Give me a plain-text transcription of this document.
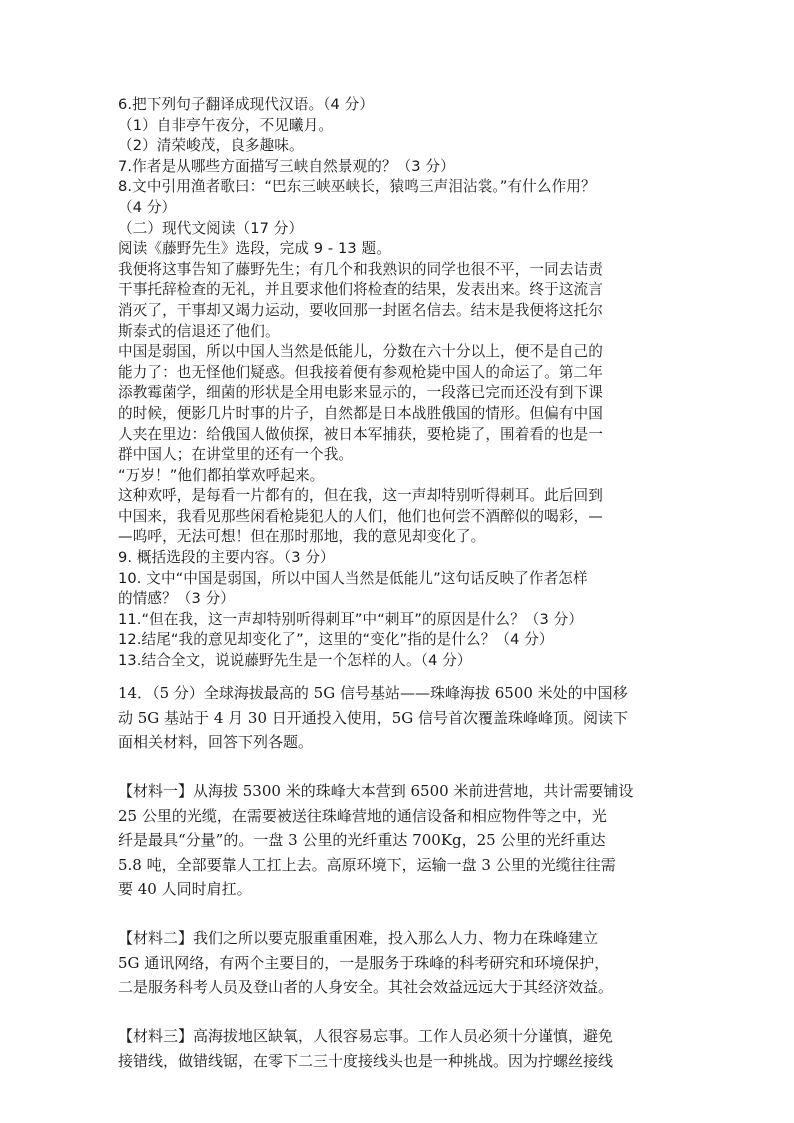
6.把下列句子翻译成现代汉语。（4 分）

（1）自非亭午夜分，不见曦月。

（2）清荣峻茂，良多趣味。

7.作者是从哪些方面描写三峡自然景观的？（3 分）

8.文中引用渔者歌曰：“巴东三峡巫峡长，猿鸣三声泪沾裳。”有什么作用？

（4 分）

（二）现代文阅读（17 分）

阅读《藤野先生》选段，完成 9 - 13 题。

我便将这事告知了藤野先生；有几个和我熟识的同学也很不平，一同去诘责

干事托辞检查的无礼，并且要求他们将检查的结果，发表出来。终于这流言

消灭了，干事却又竭力运动，要收回那一封匿名信去。结末是我便将这托尔

斯泰式的信退还了他们。

中国是弱国，所以中国人当然是低能儿，分数在六十分以上，便不是自己的

能力了：也无怪他们疑惑。但我接着便有参观枪毙中国人的命运了。第二年

添教霉菌学，细菌的形状是全用电影来显示的，一段落已完而还没有到下课

的时候，便影几片时事的片子，自然都是日本战胜俄国的情形。但偏有中国

人夹在里边：给俄国人做侦探，被日本军捕获，要枪毙了，围着看的也是一

群中国人；在讲堂里的还有一个我。

“万岁！”他们都拍掌欢呼起来。

这种欢呼，是每看一片都有的，但在我，这一声却特别听得刺耳。此后回到

中国来，我看见那些闲看枪毙犯人的人们，他们也何尝不酒醉似的喝彩，—

—呜呼，无法可想！但在那时那地，我的意见却变化了。

9. 概括选段的主要内容。（3 分）

10. 文中“中国是弱国，所以中国人当然是低能儿”这句话反映了作者怎样

的情感？（3 分）

11.“但在我，这一声却特别听得刺耳”中“刺耳”的原因是什么？（3 分）

12.结尾“我的意见却变化了”，这里的“变化”指的是什么？（4 分）

13.结合全文，说说藤野先生是一个怎样的人。（4 分）

14．（5 分）全球海拔最高的 5G 信号基站——珠峰海拔 6500 米处的中国移

动 5G 基站于 4 月 30 日开通投入使用，5G 信号首次覆盖珠峰峰顶。阅读下

面相关材料，回答下列各题。

【材料一】从海拔 5300 米的珠峰大本营到 6500 米前进营地，共计需要铺设

25 公里的光缆，在需要被送往珠峰营地的通信设备和相应物件等之中，光

纤是最具“分量”的。一盘 3 公里的光纤重达 700Kg，25 公里的光纤重达

5.8 吨，全部要靠人工扛上去。高原环境下，运输一盘 3 公里的光缆往往需

要 40 人同时肩扛。

【材料二】我们之所以要克服重重困难，投入那么人力、物力在珠峰建立

5G 通讯网络，有两个主要目的，一是服务于珠峰的科考研究和环境保护，

二是服务科考人员及登山者的人身安全。其社会效益远远大于其经济效益。

【材料三】高海拔地区缺氧，人很容易忘事。工作人员必须十分谨慎，避免

接错线，做错线锯，在零下二三十度接线头也是一种挑战。因为拧螺丝接线
